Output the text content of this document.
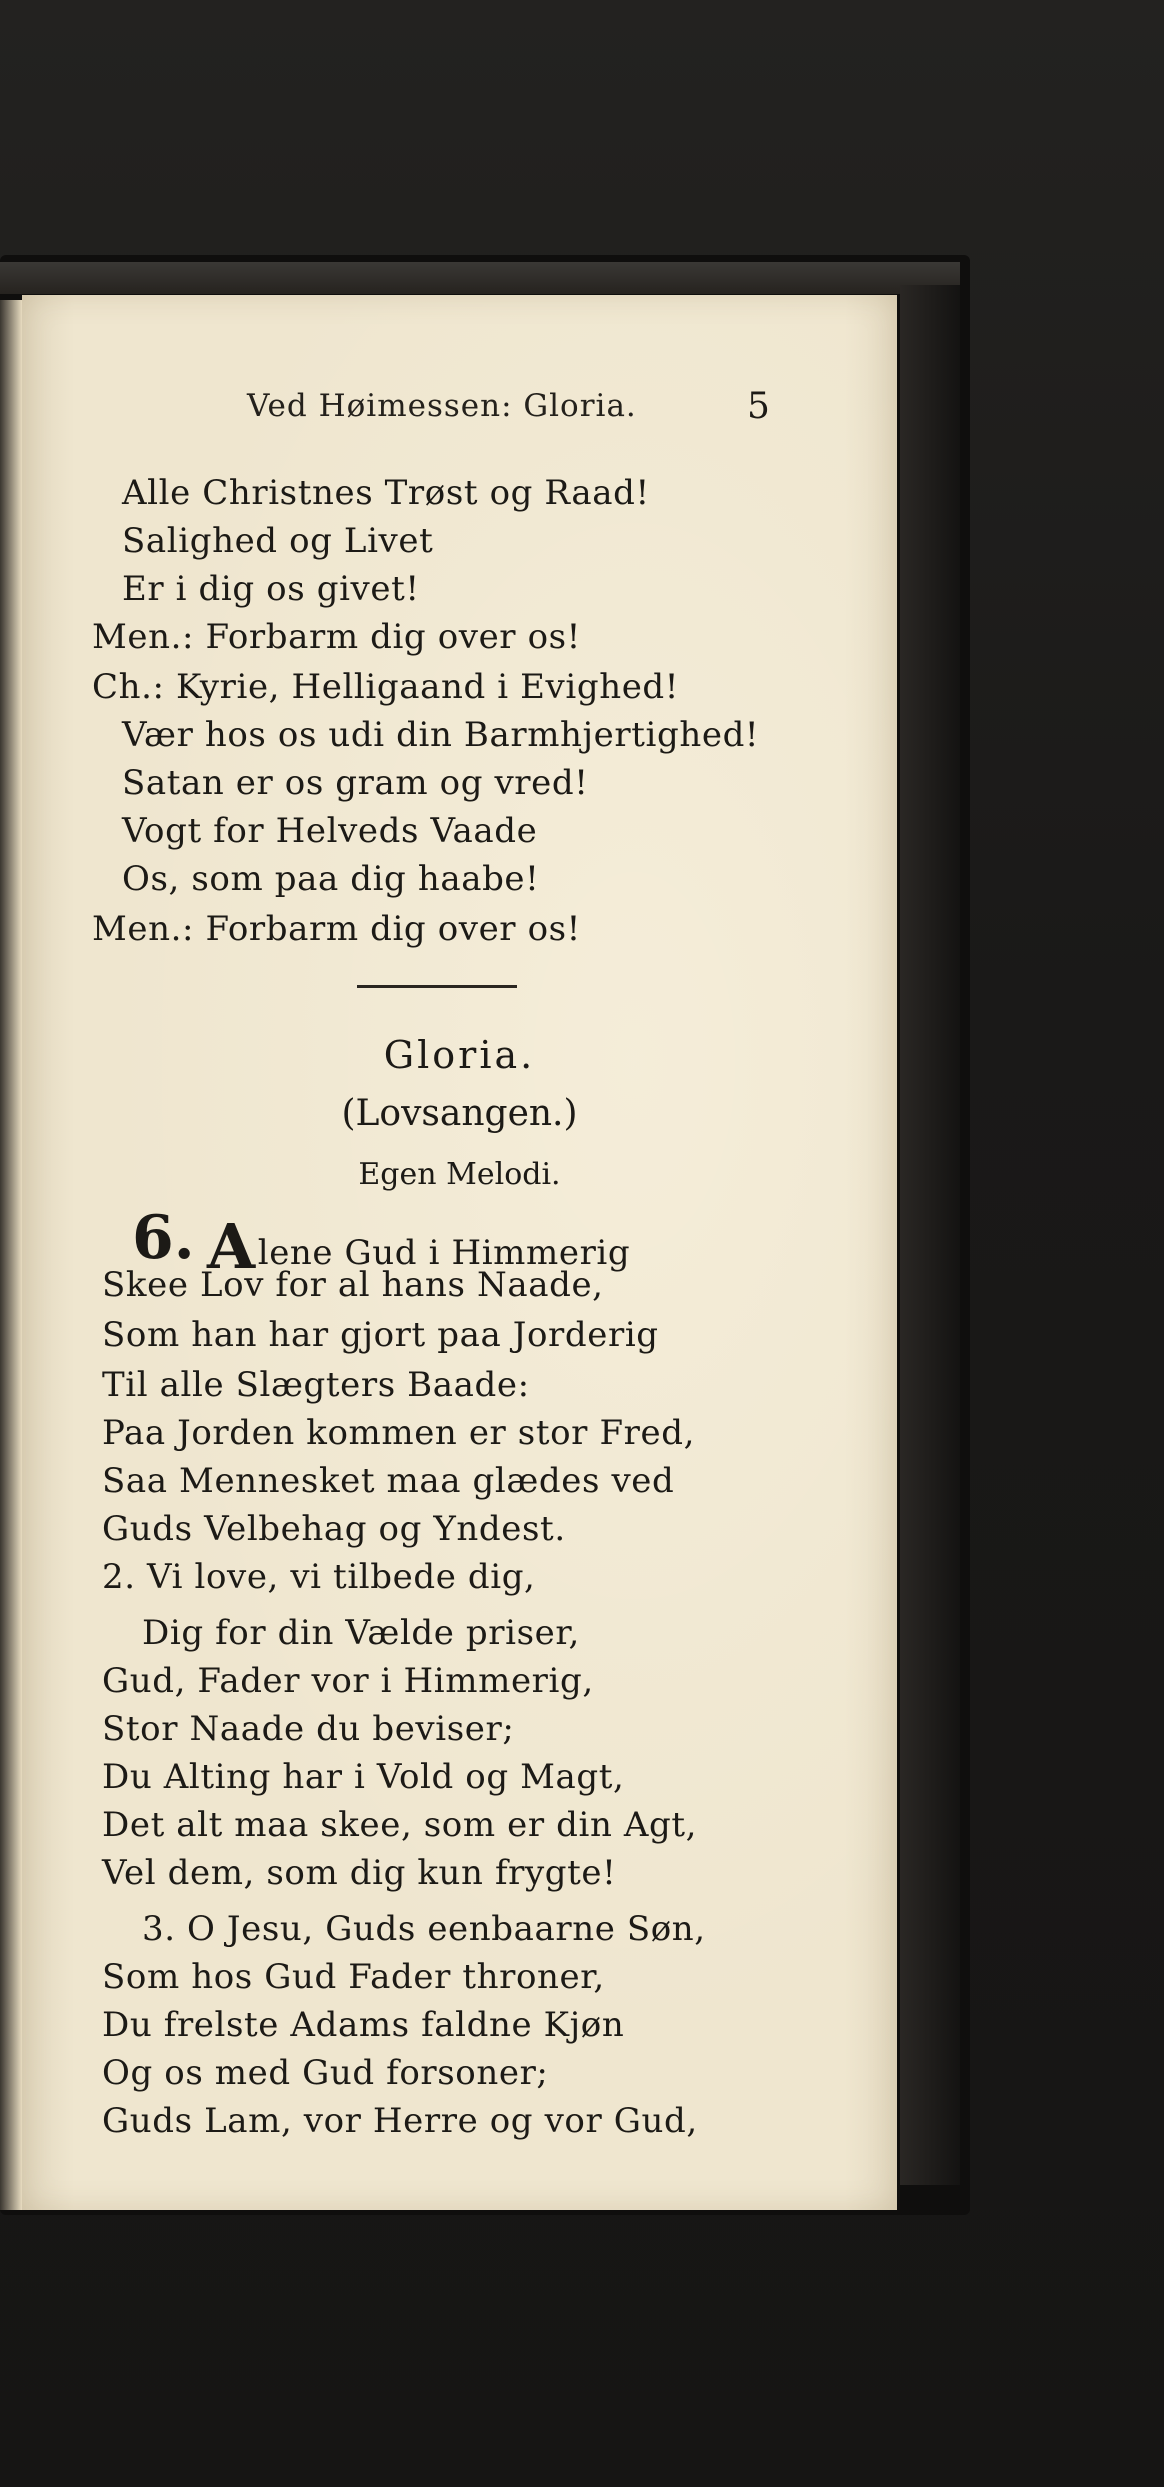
Ved Høimessen: Gloria.	5
Alle Christnes Trøst og Raad!
Salighed og Livet
Er i dig os givet!
Men.: Forbarm dig over os!
Ch.: Kyrie, Helligaand i Evighed!
Vær hos os udi din Barmhjertighed!
Satan er os gram og vred!
Vogt for Helveds Vaade
Os, som paa dig haabe!
Men.: Forbarm dig over os!
Gloria.
(Lovsangen.)
Egen Melodi.
6. Alene Gud i Himmerig
Skee Lov for al hans Naade,
Som han har gjort paa Jorderig
Til alle Slægters Baade:
Paa Jorden kommen er stor Fred,
Saa Mennesket maa glædes ved
Guds Velbehag og Yndest.
2. Vi love, vi tilbede dig,
Dig for din Vælde priser,
Gud, Fader vor i Himmerig,
Stor Naade du beviser;
Du Alting har i Vold og Magt,
Det alt maa skee, som er din Agt,
Vel dem, som dig kun frygte!
3. O Jesu, Guds eenbaarne Søn,
Som hos Gud Fader throner,
Du frelste Adams faldne Kjøn
Og os med Gud forsoner;
Guds Lam, vor Herre og vor Gud,
